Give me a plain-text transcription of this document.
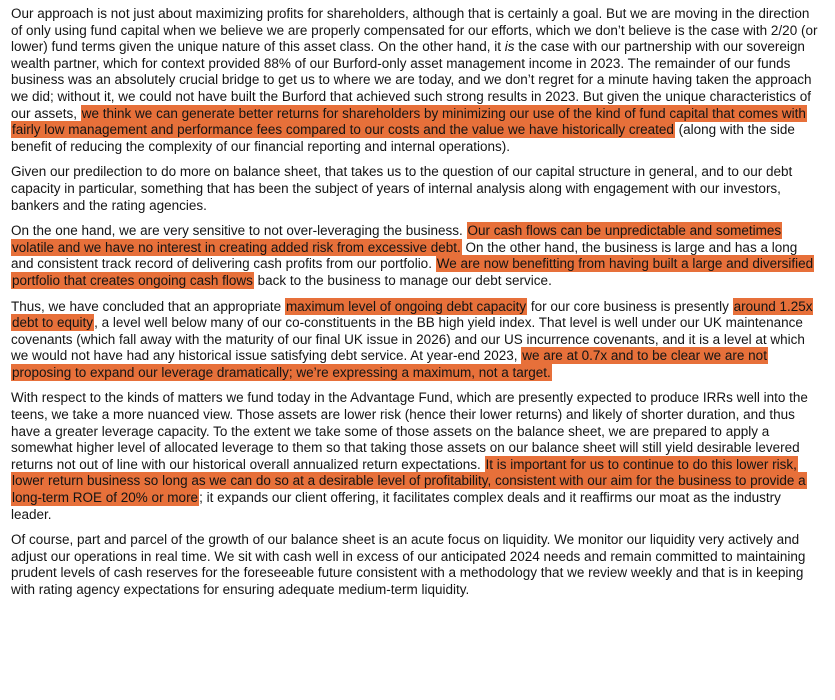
Our approach is not just about maximizing profits for shareholders, although that is certainly a goal. But we are moving in the direction of only using fund capital when we believe we are properly compensated for our efforts, which we don’t believe is the case with 2/20 (or lower) fund terms given the unique nature of this asset class. On the other hand, it is the case with our partnership with our sovereign wealth partner, which for context provided 88% of our Burford-only asset management income in 2023. The remainder of our funds business was an absolutely crucial bridge to get us to where we are today, and we don’t regret for a minute having taken the approach we did; without it, we could not have built the Burford that achieved such strong results in 2023. But given the unique characteristics of our assets, we think we can generate better returns for shareholders by minimizing our use of the kind of fund capital that comes with fairly low management and performance fees compared to our costs and the value we have historically created (along with the side benefit of reducing the complexity of our financial reporting and internal operations).

Given our predilection to do more on balance sheet, that takes us to the question of our capital structure in general, and to our debt capacity in particular, something that has been the subject of years of internal analysis along with engagement with our investors, bankers and the rating agencies.

On the one hand, we are very sensitive to not over-leveraging the business. Our cash flows can be unpredictable and sometimes volatile and we have no interest in creating added risk from excessive debt. On the other hand, the business is large and has a long and consistent track record of delivering cash profits from our portfolio. We are now benefitting from having built a large and diversified portfolio that creates ongoing cash flows back to the business to manage our debt service.

Thus, we have concluded that an appropriate maximum level of ongoing debt capacity for our core business is presently around 1.25x debt to equity, a level well below many of our co-constituents in the BB high yield index. That level is well under our UK maintenance covenants (which fall away with the maturity of our final UK issue in 2026) and our US incurrence covenants, and it is a level at which we would not have had any historical issue satisfying debt service. At year-end 2023, we are at 0.7x and to be clear we are not proposing to expand our leverage dramatically; we’re expressing a maximum, not a target.

With respect to the kinds of matters we fund today in the Advantage Fund, which are presently expected to produce IRRs well into the teens, we take a more nuanced view. Those assets are lower risk (hence their lower returns) and likely of shorter duration, and thus have a greater leverage capacity. To the extent we take some of those assets on the balance sheet, we are prepared to apply a somewhat higher level of allocated leverage to them so that taking those assets on our balance sheet will still yield desirable levered returns not out of line with our historical overall annualized return expectations. It is important for us to continue to do this lower risk, lower return business so long as we can do so at a desirable level of profitability, consistent with our aim for the business to provide a long-term ROE of 20% or more; it expands our client offering, it facilitates complex deals and it reaffirms our moat as the industry leader.

Of course, part and parcel of the growth of our balance sheet is an acute focus on liquidity. We monitor our liquidity very actively and adjust our operations in real time. We sit with cash well in excess of our anticipated 2024 needs and remain committed to maintaining prudent levels of cash reserves for the foreseeable future consistent with a methodology that we review weekly and that is in keeping with rating agency expectations for ensuring adequate medium-term liquidity.
